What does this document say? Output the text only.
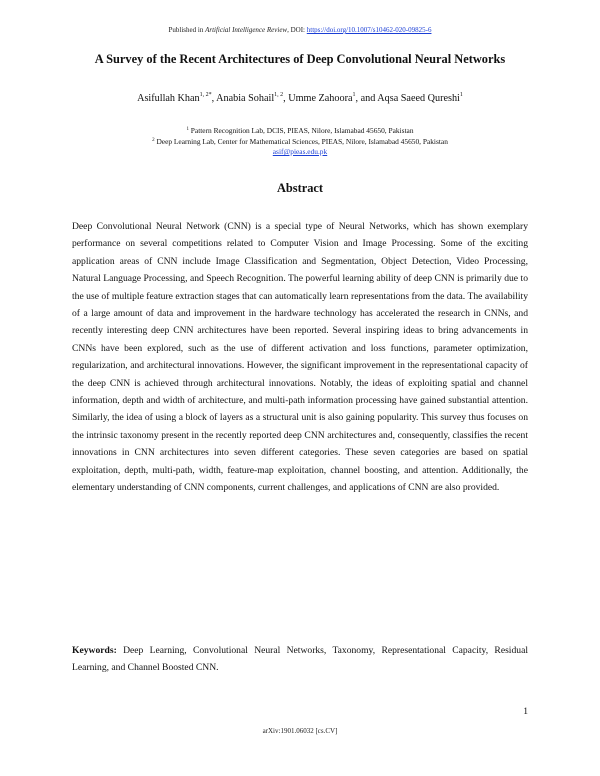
Published in Artificial Intelligence Review, DOI: https://doi.org/10.1007/s10462-020-09825-6
A Survey of the Recent Architectures of Deep Convolutional Neural Networks
Asifullah Khan$^{1, 2*}$, Anabia Sohail$^{1, 2}$, Umme Zahoora$^1$, and Aqsa Saeed Qureshi$^1$
$^1$ Pattern Recognition Lab, DCIS, PIEAS, Nilore, Islamabad 45650, Pakistan
$^2$ Deep Learning Lab, Center for Mathematical Sciences, PIEAS, Nilore, Islamabad 45650, Pakistan
asif@pieas.edu.pk
Abstract

Deep Convolutional Neural Network (CNN) is a special type of Neural Networks, which has shown exemplary performance on several competitions related to Computer Vision and Image Processing. Some of the exciting application areas of CNN include Image Classification and Segmentation, Object Detection, Video Processing, Natural Language Processing, and Speech Recognition. The powerful learning ability of deep CNN is primarily due to the use of multiple feature extraction stages that can automatically learn representations from the data. The availability of a large amount of data and improvement in the hardware technology has accelerated the research in CNNs, and recently interesting deep CNN architectures have been reported. Several inspiring ideas to bring advancements in CNNs have been explored, such as the use of different activation and loss functions, parameter optimization, regularization, and architectural innovations. However, the significant improvement in the representational capacity of the deep CNN is achieved through architectural innovations. Notably, the ideas of exploiting spatial and channel information, depth and width of architecture, and multi-path information processing have gained substantial attention. Similarly, the idea of using a block of layers as a structural unit is also gaining popularity. This survey thus focuses on the intrinsic taxonomy present in the recently reported deep CNN architectures and, consequently, classifies the recent innovations in CNN architectures into seven different categories. These seven categories are based on spatial exploitation, depth, multi-path, width, feature-map exploitation, channel boosting, and attention. Additionally, the elementary understanding of CNN components, current challenges, and applications of CNN are also provided.

Keywords: Deep Learning, Convolutional Neural Networks, Taxonomy, Representational Capacity, Residual Learning, and Channel Boosted CNN.

1
arXiv:1901.06032 [cs.CV]
